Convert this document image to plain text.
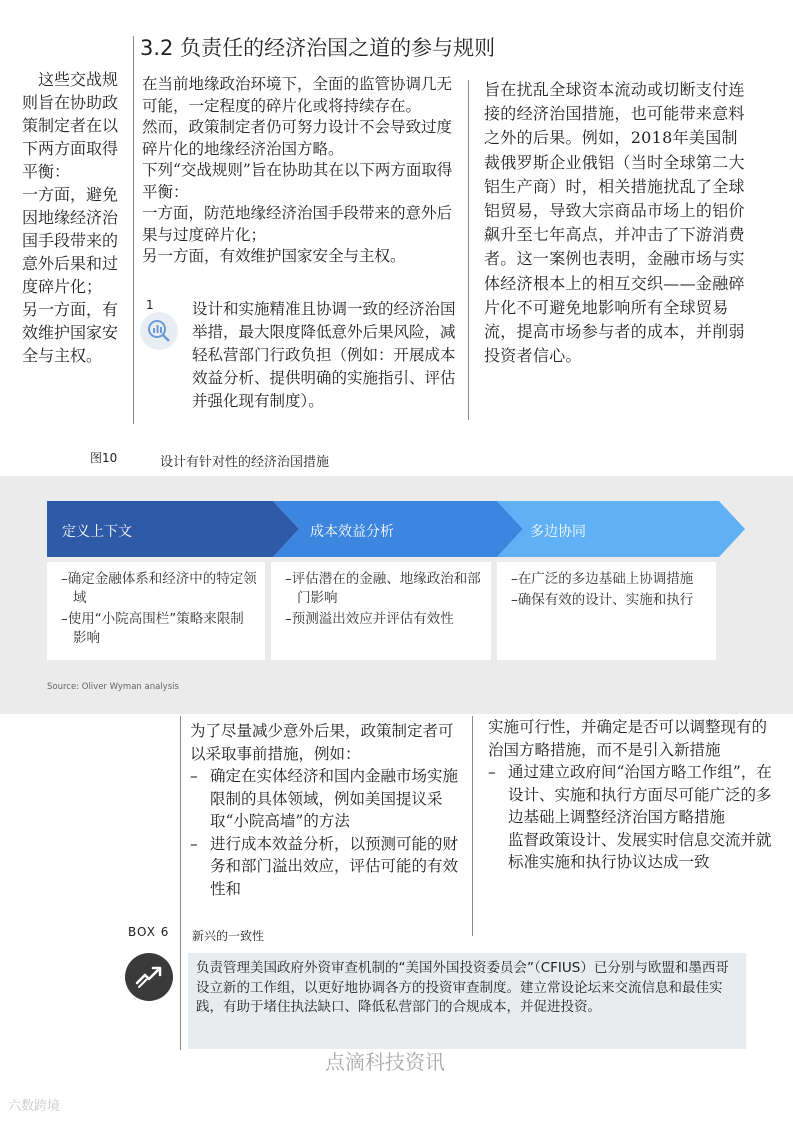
3.2 负责任的经济治国之道的参与规则

这些交战规则旨在协助政策制定者在以下两方面取得平衡：

一方面，避免因地缘经济治国手段带来的意外后果和过度碎片化；

另一方面，有效维护国家安全与主权。

在当前地缘政治环境下，全面的监管协调几无可能，一定程度的碎片化或将持续存在。

然而，政策制定者仍可努力设计不会导致过度碎片化的地缘经济治国方略。

下列“交战规则”旨在协助其在以下两方面取得平衡：

一方面，防范地缘经济治国手段带来的意外后果与过度碎片化；

另一方面，有效维护国家安全与主权。

1 设计和实施精准且协调一致的经济治国举措，最大限度降低意外后果风险，减轻私营部门行政负担（例如：开展成本效益分析、提供明确的实施指引、评估并强化现有制度）。
旨在扰乱全球资本流动或切断支付连接的经济治国措施，也可能带来意料之外的后果。例如，2018年美国制裁俄罗斯企业俄铝（当时全球第二大铝生产商）时，相关措施扰乱了全球铝贸易，导致大宗商品市场上的铝价飙升至七年高点，并冲击了下游消费者。这一案例也表明，金融市场与实体经济根本上的相互交织——金融碎片化不可避免地影响所有全球贸易流，提高市场参与者的成本，并削弱投资者信心。
图10	设计有针对性的经济治国措施
定义上下文	成本效益分析	多边协同
–确定金融体系和经济中的特定领域
–使用“小院高围栏”策略来限制影响
–评估潜在的金融、地缘政治和部门影响
–预测溢出效应并评估有效性
–在广泛的多边基础上协调措施
–确保有效的设计、实施和执行
Source: Oliver Wyman analysis

为了尽量减少意外后果，政策制定者可以采取事前措施，例如：

– 确定在实体经济和国内金融市场实施限制的具体领域，例如美国提议采取“小院高墙”的方法

– 进行成本效益分析，以预测可能的财务和部门溢出效应，评估可能的有效性和

实施可行性，并确定是否可以调整现有的治国方略措施，而不是引入新措施

– 通过建立政府间“治国方略工作组”，在设计、实施和执行方面尽可能广泛的多边基础上调整经济治国方略措施

监督政策设计、发展实时信息交流并就标准实施和执行协议达成一致

BOX 6 新兴的一致性

负责管理美国政府外资审查机制的“美国外国投资委员会”（CFIUS）已分别与欧盟和墨西哥设立新的工作组，以更好地协调各方的投资审查制度。建立常设论坛来交流信息和最佳实践，有助于堵住执法缺口、降低私营部门的合规成本，并促进投资。

点滴科技资讯
六数跨境
